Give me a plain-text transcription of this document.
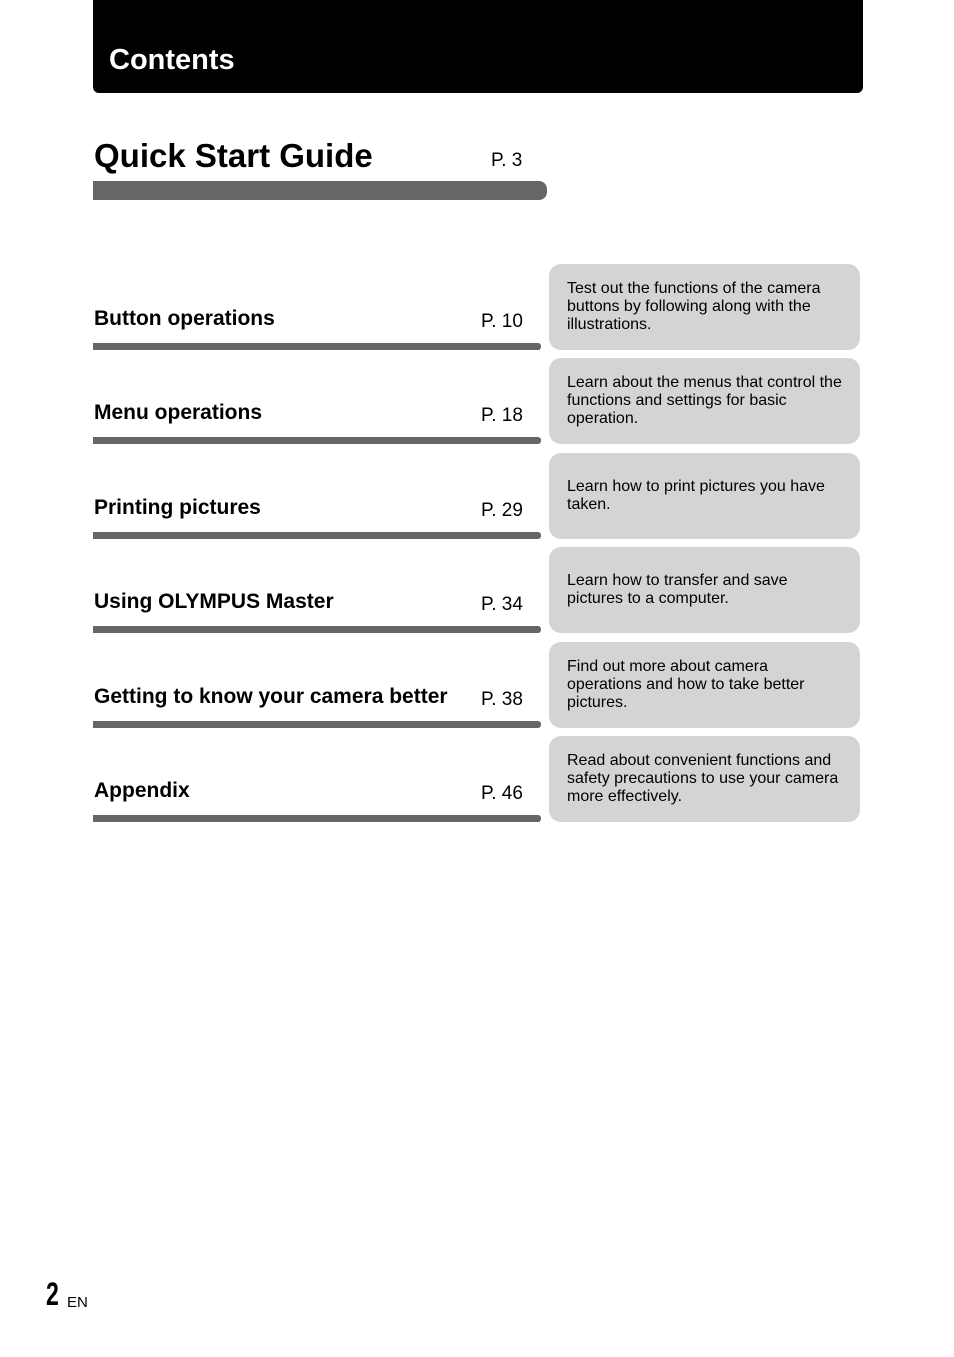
Contents
Quick Start Guide	P. 3
Button operations	P. 10
Test out the functions of the camera buttons by following along with the illustrations.
Menu operations	P. 18
Learn about the menus that control the functions and settings for basic operation.
Printing pictures	P. 29
Learn how to print pictures you have taken.
Using OLYMPUS Master	P. 34
Learn how to transfer and save pictures to a computer.
Getting to know your camera better	P. 38
Find out more about camera operations and how to take better pictures.
Appendix	P. 46
Read about convenient functions and safety precautions to use your camera more effectively.
2 EN
